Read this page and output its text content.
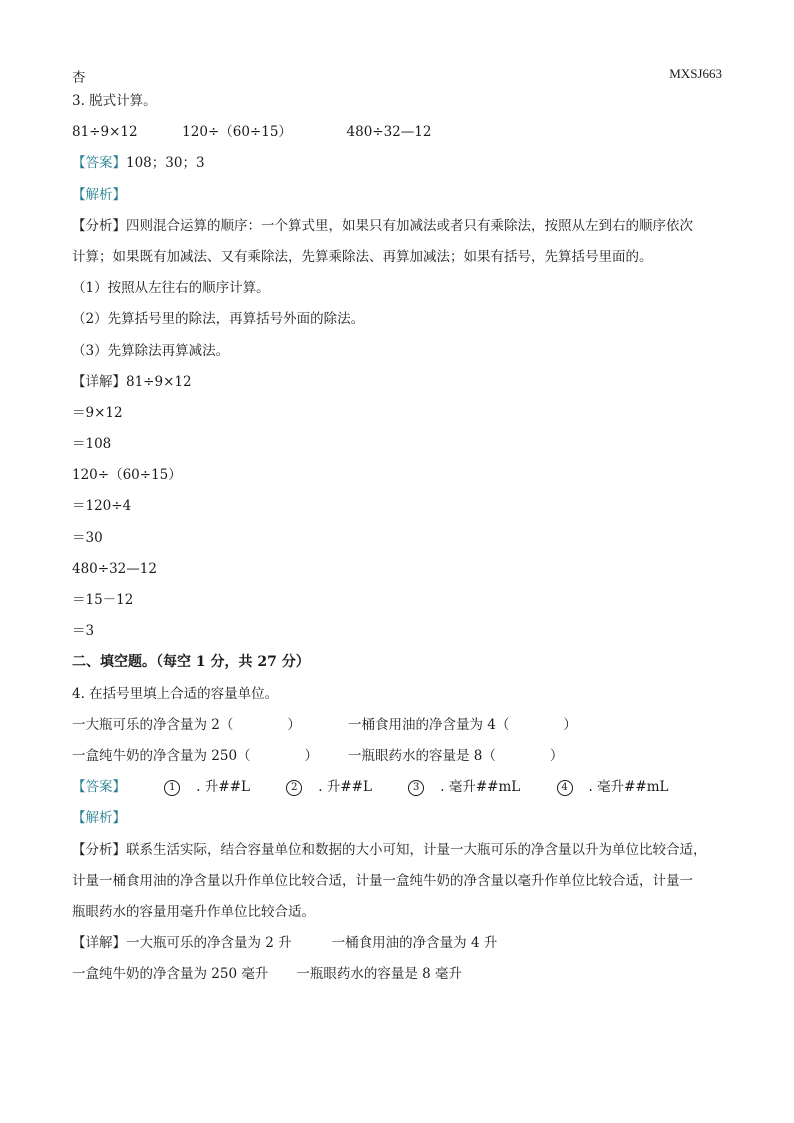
杏	MXSJ663
3. 脱式计算。
81÷9×12	120÷（60÷15）	480÷32—12
【答案】108；30；3
【解析】
【分析】四则混合运算的顺序：一个算式里，如果只有加减法或者只有乘除法，按照从左到右的顺序依次
计算；如果既有加减法、又有乘除法，先算乘除法、再算加减法；如果有括号，先算括号里面的。
（1）按照从左往右的顺序计算。
（2）先算括号里的除法，再算括号外面的除法。
（3）先算除法再算减法。
【详解】81÷9×12
＝9×12
＝108
120÷（60÷15）
＝120÷4
＝30
480÷32—12
＝15－12
＝3
二、填空题。（每空 1 分，共 27 分）
4. 在括号里填上合适的容量单位。
一大瓶可乐的净含量为 2（　　　　）	一桶食用油的净含量为 4（　　　　）
一盒纯牛奶的净含量为 250（　　　　）	一瓶眼药水的容量是 8（　　　　）
【答案】	1 . 升##L	2 . 升##L	3 . 毫升##mL	4 . 毫升##mL
【解析】
【分析】联系生活实际，结合容量单位和数据的大小可知，计量一大瓶可乐的净含量以升为单位比较合适，
计量一桶食用油的净含量以升作单位比较合适，计量一盒纯牛奶的净含量以毫升作单位比较合适，计量一
瓶眼药水的容量用毫升作单位比较合适。
【详解】一大瓶可乐的净含量为 2 升	一桶食用油的净含量为 4 升
一盒纯牛奶的净含量为 250 毫升 一瓶眼药水的容量是 8 毫升
